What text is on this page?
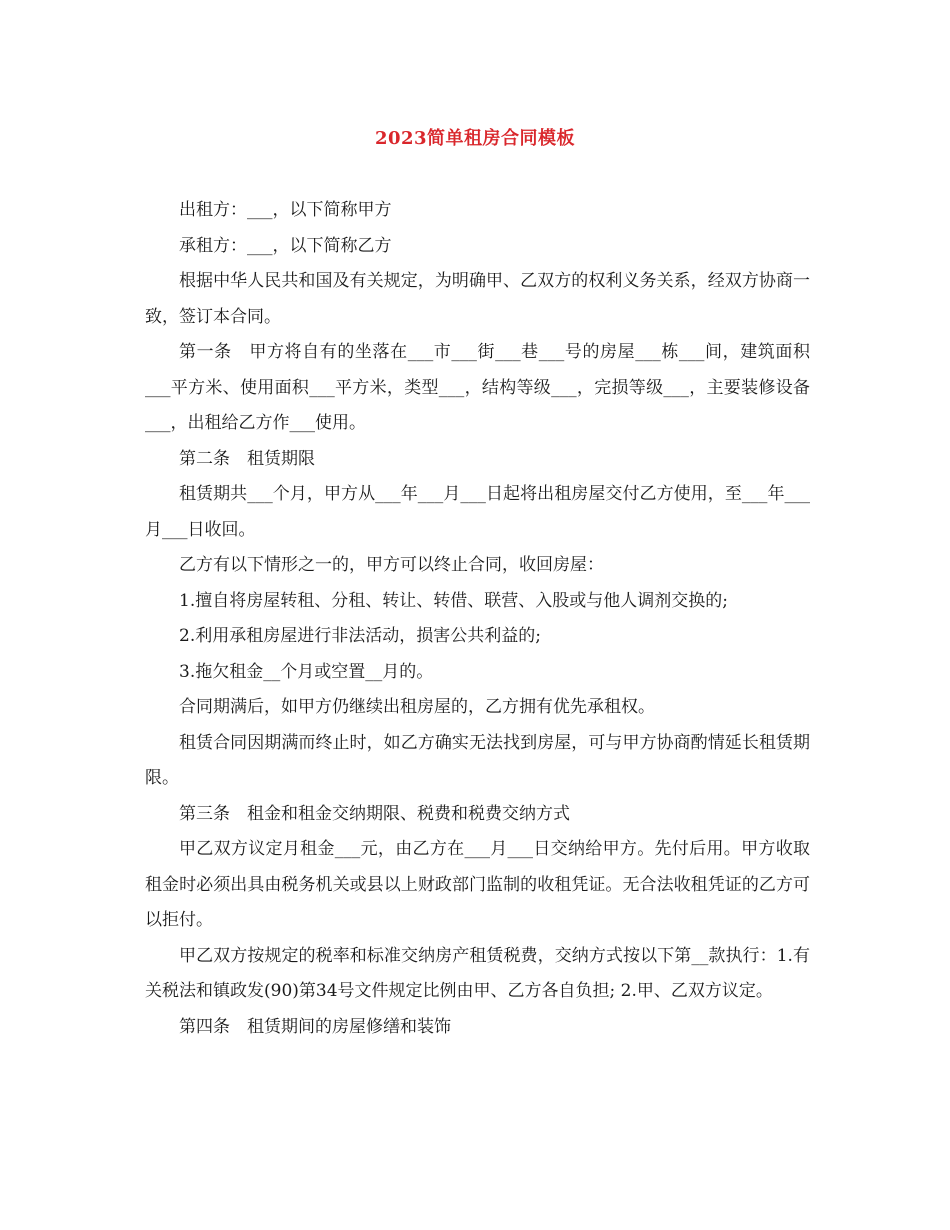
2023简单租房合同模板

出租方：___，以下简称甲方

承租方：___，以下简称乙方

根据中华人民共和国及有关规定，为明确甲、乙双方的权利义务关系，经双方协商一致，签订本合同。

第一条　甲方将自有的坐落在___市___街___巷___号的房屋___栋___间，建筑面积___平方米、使用面积___平方米，类型___，结构等级___，完损等级___，主要装修设备___，出租给乙方作___使用。

第二条　租赁期限

租赁期共___个月，甲方从___年___月___日起将出租房屋交付乙方使用，至___年___月___日收回。

乙方有以下情形之一的，甲方可以终止合同，收回房屋：

1.擅自将房屋转租、分租、转让、转借、联营、入股或与他人调剂交换的;

2.利用承租房屋进行非法活动，损害公共利益的;

3.拖欠租金__个月或空置__月的。

合同期满后，如甲方仍继续出租房屋的，乙方拥有优先承租权。

租赁合同因期满而终止时，如乙方确实无法找到房屋，可与甲方协商酌情延长租赁期限。

第三条　租金和租金交纳期限、税费和税费交纳方式

甲乙双方议定月租金___元，由乙方在___月___日交纳给甲方。先付后用。甲方收取租金时必须出具由税务机关或县以上财政部门监制的收租凭证。无合法收租凭证的乙方可以拒付。

甲乙双方按规定的税率和标准交纳房产租赁税费，交纳方式按以下第__款执行：1.有关税法和镇政发(90)第34号文件规定比例由甲、乙方各自负担; 2.甲、乙双方议定。

第四条　租赁期间的房屋修缮和装饰
